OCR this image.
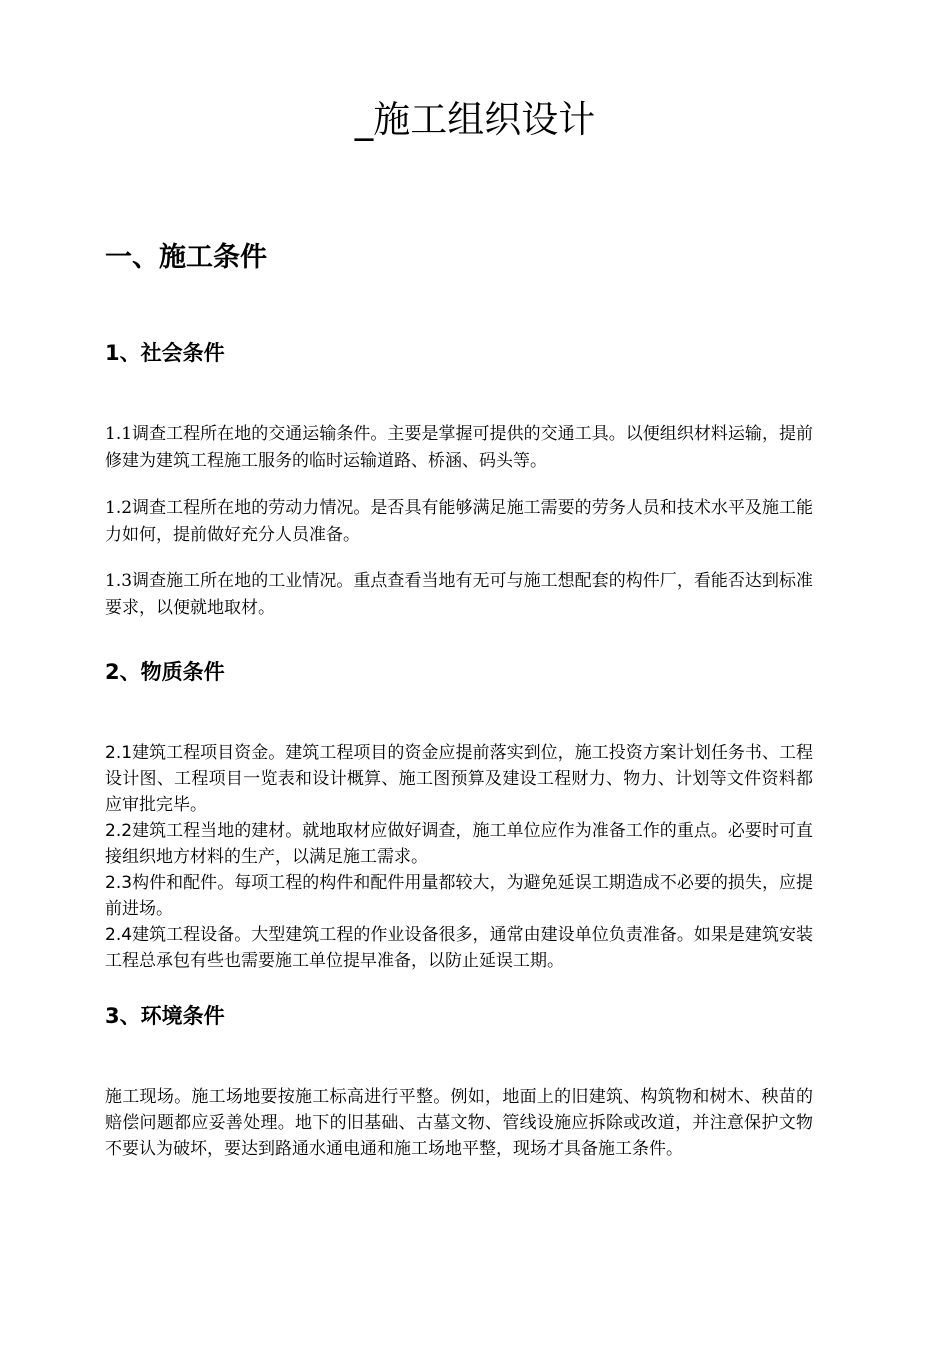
_施工组织设计
一、施工条件
1、社会条件

1.1调查工程所在地的交通运输条件。主要是掌握可提供的交通工具。以便组织材料运输，提前修建为建筑工程施工服务的临时运输道路、桥涵、码头等。

1.2调查工程所在地的劳动力情况。是否具有能够满足施工需要的劳务人员和技术水平及施工能力如何，提前做好充分人员准备。

1.3调查施工所在地的工业情况。重点查看当地有无可与施工想配套的构件厂，看能否达到标准要求，以便就地取材。

2、物质条件
2.1建筑工程项目资金。建筑工程项目的资金应提前落实到位，施工投资方案计划任务书、工程设计图、工程项目一览表和设计概算、施工图预算及建设工程财力、物力、计划等文件资料都应审批完毕。
2.2建筑工程当地的建材。就地取材应做好调查，施工单位应作为准备工作的重点。必要时可直接组织地方材料的生产，以满足施工需求。
2.3构件和配件。每项工程的构件和配件用量都较大，为避免延误工期造成不必要的损失，应提前进场。
2.4建筑工程设备。大型建筑工程的作业设备很多，通常由建设单位负责准备。如果是建筑安装工程总承包有些也需要施工单位提早准备，以防止延误工期。
3、环境条件

施工现场。施工场地要按施工标高进行平整。例如，地面上的旧建筑、构筑物和树木、秧苗的赔偿问题都应妥善处理。地下的旧基础、古墓文物、管线设施应拆除或改道，并注意保护文物不要认为破坏，要达到路通水通电通和施工场地平整，现场才具备施工条件。
